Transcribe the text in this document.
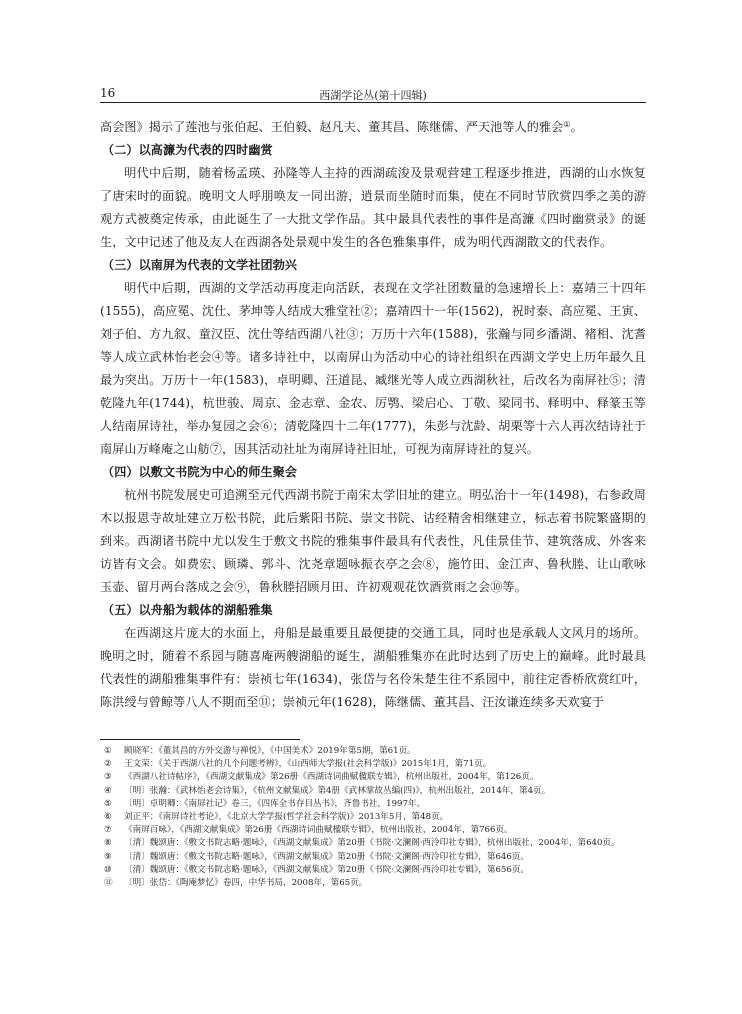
16	西湖学论丛(第十四辑)

高会图》揭示了莲池与张伯起、王伯毅、赵凡夫、董其昌、陈继儒、严天池等人的雅会①。

（二）以高濂为代表的四时幽赏

明代中后期，随着杨孟瑛、孙隆等人主持的西湖疏浚及景观营建工程逐步推进，西湖的山水恢复了唐宋时的面貌。晚明文人呼朋唤友一同出游，逍景而坐随时而集，使在不同时节欣赏四季之美的游观方式被奠定传承，由此诞生了一大批文学作品。其中最具代表性的事件是高濂《四时幽赏录》的诞生，文中记述了他及友人在西湖各处景观中发生的各色雅集事件，成为明代西湖散文的代表作。

（三）以南屏为代表的文学社团勃兴

明代中后期，西湖的文学活动再度走向活跃，表现在文学社团数量的急速增长上：嘉靖三十四年(1555)，高应冕、沈仕、茅坤等人结成大雅堂社②；嘉靖四十一年(1562)，祝时泰、高应冕、王寅、刘子伯、方九叙、童汉臣、沈仕等结西湖八社③；万历十六年(1588)，张瀚与同乡潘湖、褚相、沈耆等人成立武林怡老会④等。诸多诗社中，以南屏山为活动中心的诗社组织在西湖文学史上历年最久且最为突出。万历十一年(1583)，卓明卿、汪道昆、臧继光等人成立西湖秋社，后改名为南屏社⑤；清乾隆九年(1744)，杭世骏、周京、金志章、金农、厉鹗、梁启心、丁敬、梁同书、释明中、释篆玉等人结南屏诗社，举办复园之会⑥；清乾隆四十二年(1777)，朱彭与沈龄、胡栗等十六人再次结诗社于南屏山万峰庵之山舫⑦，因其活动社址为南屏诗社旧址，可视为南屏诗社的复兴。

（四）以敷文书院为中心的师生聚会

杭州书院发展史可追溯至元代西湖书院于南宋太学旧址的建立。明弘治十一年(1498)，右参政周木以报恩寺故址建立万松书院，此后紫阳书院、崇文书院、诂经精舍相继建立，标志着书院繁盛期的到来。西湖诸书院中尤以发生于敷文书院的雅集事件最具有代表性，凡佳景佳节、建筑落成、外客来访皆有文会。如费宏、顾璘、郭斗、沈尧章题咏振衣亭之会⑧，施竹田、金江声、鲁秋塍、让山歌咏玉壶、留月两台落成之会⑨，鲁秋塍招顾月田、许初观观花饮酒赏雨之会⑩等。

（五）以舟船为载体的湖船雅集

在西湖这片庞大的水面上，舟船是最重要且最便捷的交通工具，同时也是承载人文风月的场所。晚明之时，随着不系园与随喜庵两艘湖船的诞生，湖船雅集亦在此时达到了历史上的巅峰。此时最具代表性的湖船雅集事件有：崇祯七年(1634)，张岱与名伶朱楚生往不系园中，前往定香桥欣赏红叶，陈洪绶与曾鲸等八人不期而至⑪；崇祯元年(1628)，陈继儒、董其昌、汪汝谦连续多天欢宴于

①	顾晓军：《董其昌的方外交游与禅悦》，《中国美术》2019年第5期，第61页。
②	王文荣：《关于西湖八社的几个问题考辨》，《山西师大学报(社会科学版)》2015年1月，第71页。
③	《西湖八社诗帖序》，《西湖文献集成》第26册《西湖诗词曲赋楹联专辑》，杭州出版社，2004年，第126页。
④	〔明〕张瀚：《武林怡老会诗集》，《杭州文献集成》第4册《武林掌故丛编(四)》，杭州出版社，2014年，第4页。
⑤	〔明〕卓明卿：《南屏社记》卷三，《四库全书存目丛书》，齐鲁书社，1997年。
⑥	刘正平：《南屏诗社考论》，《北京大学学报(哲学社会科学版)》2013年5月，第48页。
⑦	《南屏百咏》，《西湖文献集成》第26册《西湖诗词曲赋楹联专辑》，杭州出版社，2004年，第766页。
⑧	〔清〕魏颂唐：《敷文书院志略·题咏》，《西湖文献集成》第20册《书院·文澜阁·西泠印社专辑》，杭州出版社，2004年，第640页。
⑨	〔清〕魏颂唐：《敷文书院志略·题咏》，《西湖文献集成》第20册《书院·文澜阁·西泠印社专辑》，第646页。
⑩	〔清〕魏颂唐：《敷文书院志略·题咏》，《西湖文献集成》第20册《书院·文澜阁·西泠印社专辑》，第656页。
⑪	〔明〕张岱：《陶庵梦忆》卷四，中华书局，2008年，第65页。
